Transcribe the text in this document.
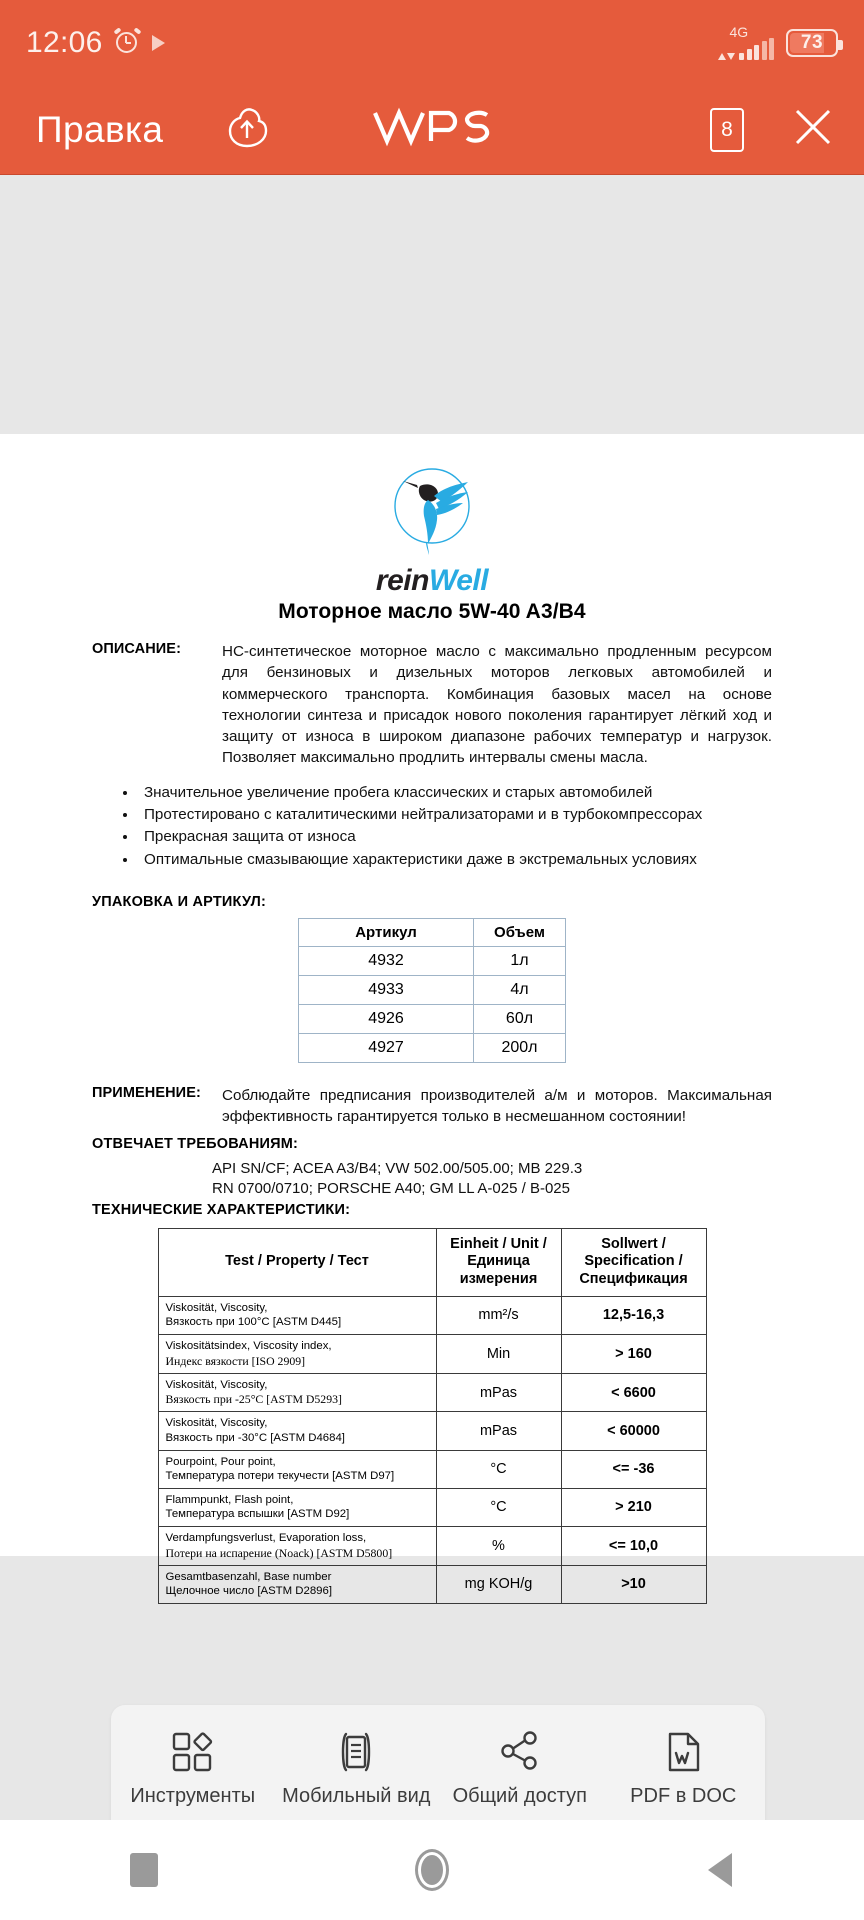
12:06	4G	73
Правка	8
reinWell
Моторное масло 5W-40 A3/B4
ОПИСАНИЕ:	HC-синтетическое моторное масло с максимально продленным ресурсом для бензиновых и дизельных моторов легковых автомобилей и коммерческого транспорта. Комбинация базовых масел на основе технологии синтеза и присадок нового поколения гарантирует лёгкий ход и защиту от износа в широком диапазоне рабочих температур и нагрузок. Позволяет максимально продлить интервалы смены масла.
• Значительное увеличение пробега классических и старых автомобилей
• Протестировано с каталитическими нейтрализаторами и в турбокомпрессорах
• Прекрасная защита от износа
• Оптимальные смазывающие характеристики даже в экстремальных условиях
УПАКОВКА И АРТИКУЛ:
Артикул	Объем
4932	1л
4933	4л
4926	60л
4927	200л
ПРИМЕНЕНИЕ:	Соблюдайте предписания производителей а/м и моторов. Максимальная эффективность гарантируется только в несмешанном состоянии!
ОТВЕЧАЕТ ТРЕБОВАНИЯМ:
API SN/CF; ACEA A3/B4; VW 502.00/505.00; MB 229.3
RN 0700/0710; PORSCHE A40; GM LL A-025 / B-025
ТЕХНИЧЕСКИЕ ХАРАКТЕРИСТИКИ:
Test / Property / Тест	Einheit / Unit / Единица измерения	Sollwert / Specification / Спецификация

Viskosität, Viscosity,
Вязкость при 100°C [ASTM D445]	mm²/s	12,5-16,3

Viskositätsindex, Viscosity index,
Индекс вязкости [ISO 2909]	Min	> 160

Viskosität, Viscosity,
Вязкость при -25°C [ASTM D5293]	mPas	< 6600

Viskosität, Viscosity,
Вязкость при -30°C [ASTM D4684]	mPas	< 60000

Pourpoint, Pour point,
Температура потери текучести [ASTM D97]	°C	<= -36

Flammpunkt, Flash point,
Температура вспышки [ASTM D92]	°C	> 210

Verdampfungsverlust, Evaporation loss,
Потери на испарение (Noack) [ASTM D5800]	%	<= 10,0

Gesamtbasenzahl, Base number
Щелочное число [ASTM D2896]	mg KOH/g	>10
Инструменты Мобильный вид Общий доступ PDF в DOC
